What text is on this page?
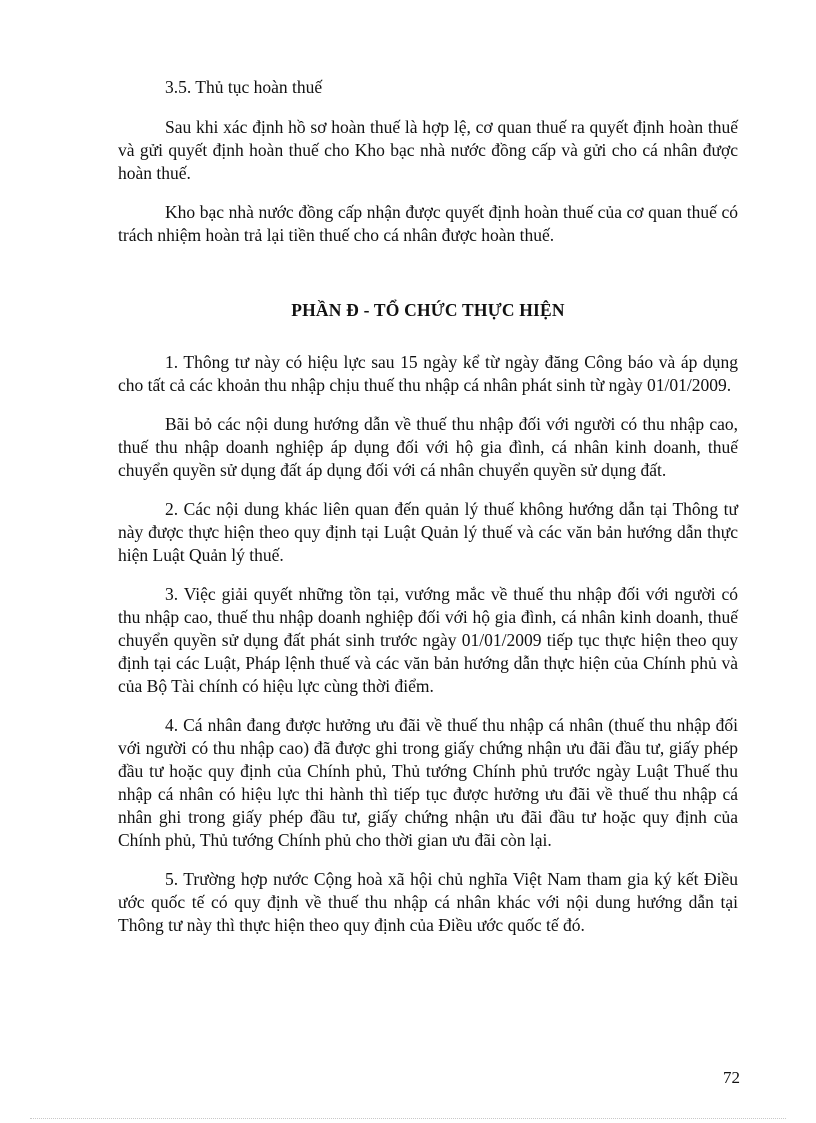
3.5. Thủ tục hoàn thuế

Sau khi xác định hồ sơ hoàn thuế là hợp lệ, cơ quan thuế ra quyết định hoàn thuế và gửi quyết định hoàn thuế cho Kho bạc nhà nước đồng cấp và gửi cho cá nhân được hoàn thuế.

Kho bạc nhà nước đồng cấp nhận được quyết định hoàn thuế của cơ quan thuế có trách nhiệm hoàn trả lại tiền thuế cho cá nhân được hoàn thuế.

PHẦN Đ - TỔ CHỨC THỰC HIỆN

1. Thông tư này có hiệu lực sau 15 ngày kể từ ngày đăng Công báo và áp dụng cho tất cả các khoản thu nhập chịu thuế thu nhập cá nhân phát sinh từ ngày 01/01/2009.

Bãi bỏ các nội dung hướng dẫn về thuế thu nhập đối với người có thu nhập cao, thuế thu nhập doanh nghiệp áp dụng đối với hộ gia đình, cá nhân kinh doanh, thuế chuyển quyền sử dụng đất áp dụng đối với cá nhân chuyển quyền sử dụng đất.

2. Các nội dung khác liên quan đến quản lý thuế không hướng dẫn tại Thông tư này được thực hiện theo quy định tại Luật Quản lý thuế và các văn bản hướng dẫn thực hiện Luật Quản lý thuế.

3. Việc giải quyết những tồn tại, vướng mắc về thuế thu nhập đối với người có thu nhập cao, thuế thu nhập doanh nghiệp đối với hộ gia đình, cá nhân kinh doanh, thuế chuyển quyền sử dụng đất phát sinh trước ngày 01/01/2009 tiếp tục thực hiện theo quy định tại các Luật, Pháp lệnh thuế và các văn bản hướng dẫn thực hiện của Chính phủ và của Bộ Tài chính có hiệu lực cùng thời điểm.

4. Cá nhân đang được hưởng ưu đãi về thuế thu nhập cá nhân (thuế thu nhập đối với người có thu nhập cao) đã được ghi trong giấy chứng nhận ưu đãi đầu tư, giấy phép đầu tư hoặc quy định của Chính phủ, Thủ tướng Chính phủ trước ngày Luật Thuế thu nhập cá nhân có hiệu lực thi hành thì tiếp tục được hưởng ưu đãi về thuế thu nhập cá nhân ghi trong giấy phép đầu tư, giấy chứng nhận ưu đãi đầu tư hoặc quy định của Chính phủ, Thủ tướng Chính phủ cho thời gian ưu đãi còn lại.

5. Trường hợp nước Cộng hoà xã hội chủ nghĩa Việt Nam tham gia ký kết Điều ước quốc tế có quy định về thuế thu nhập cá nhân khác với nội dung hướng dẫn tại Thông tư này thì thực hiện theo quy định của Điều ước quốc tế đó.

72
